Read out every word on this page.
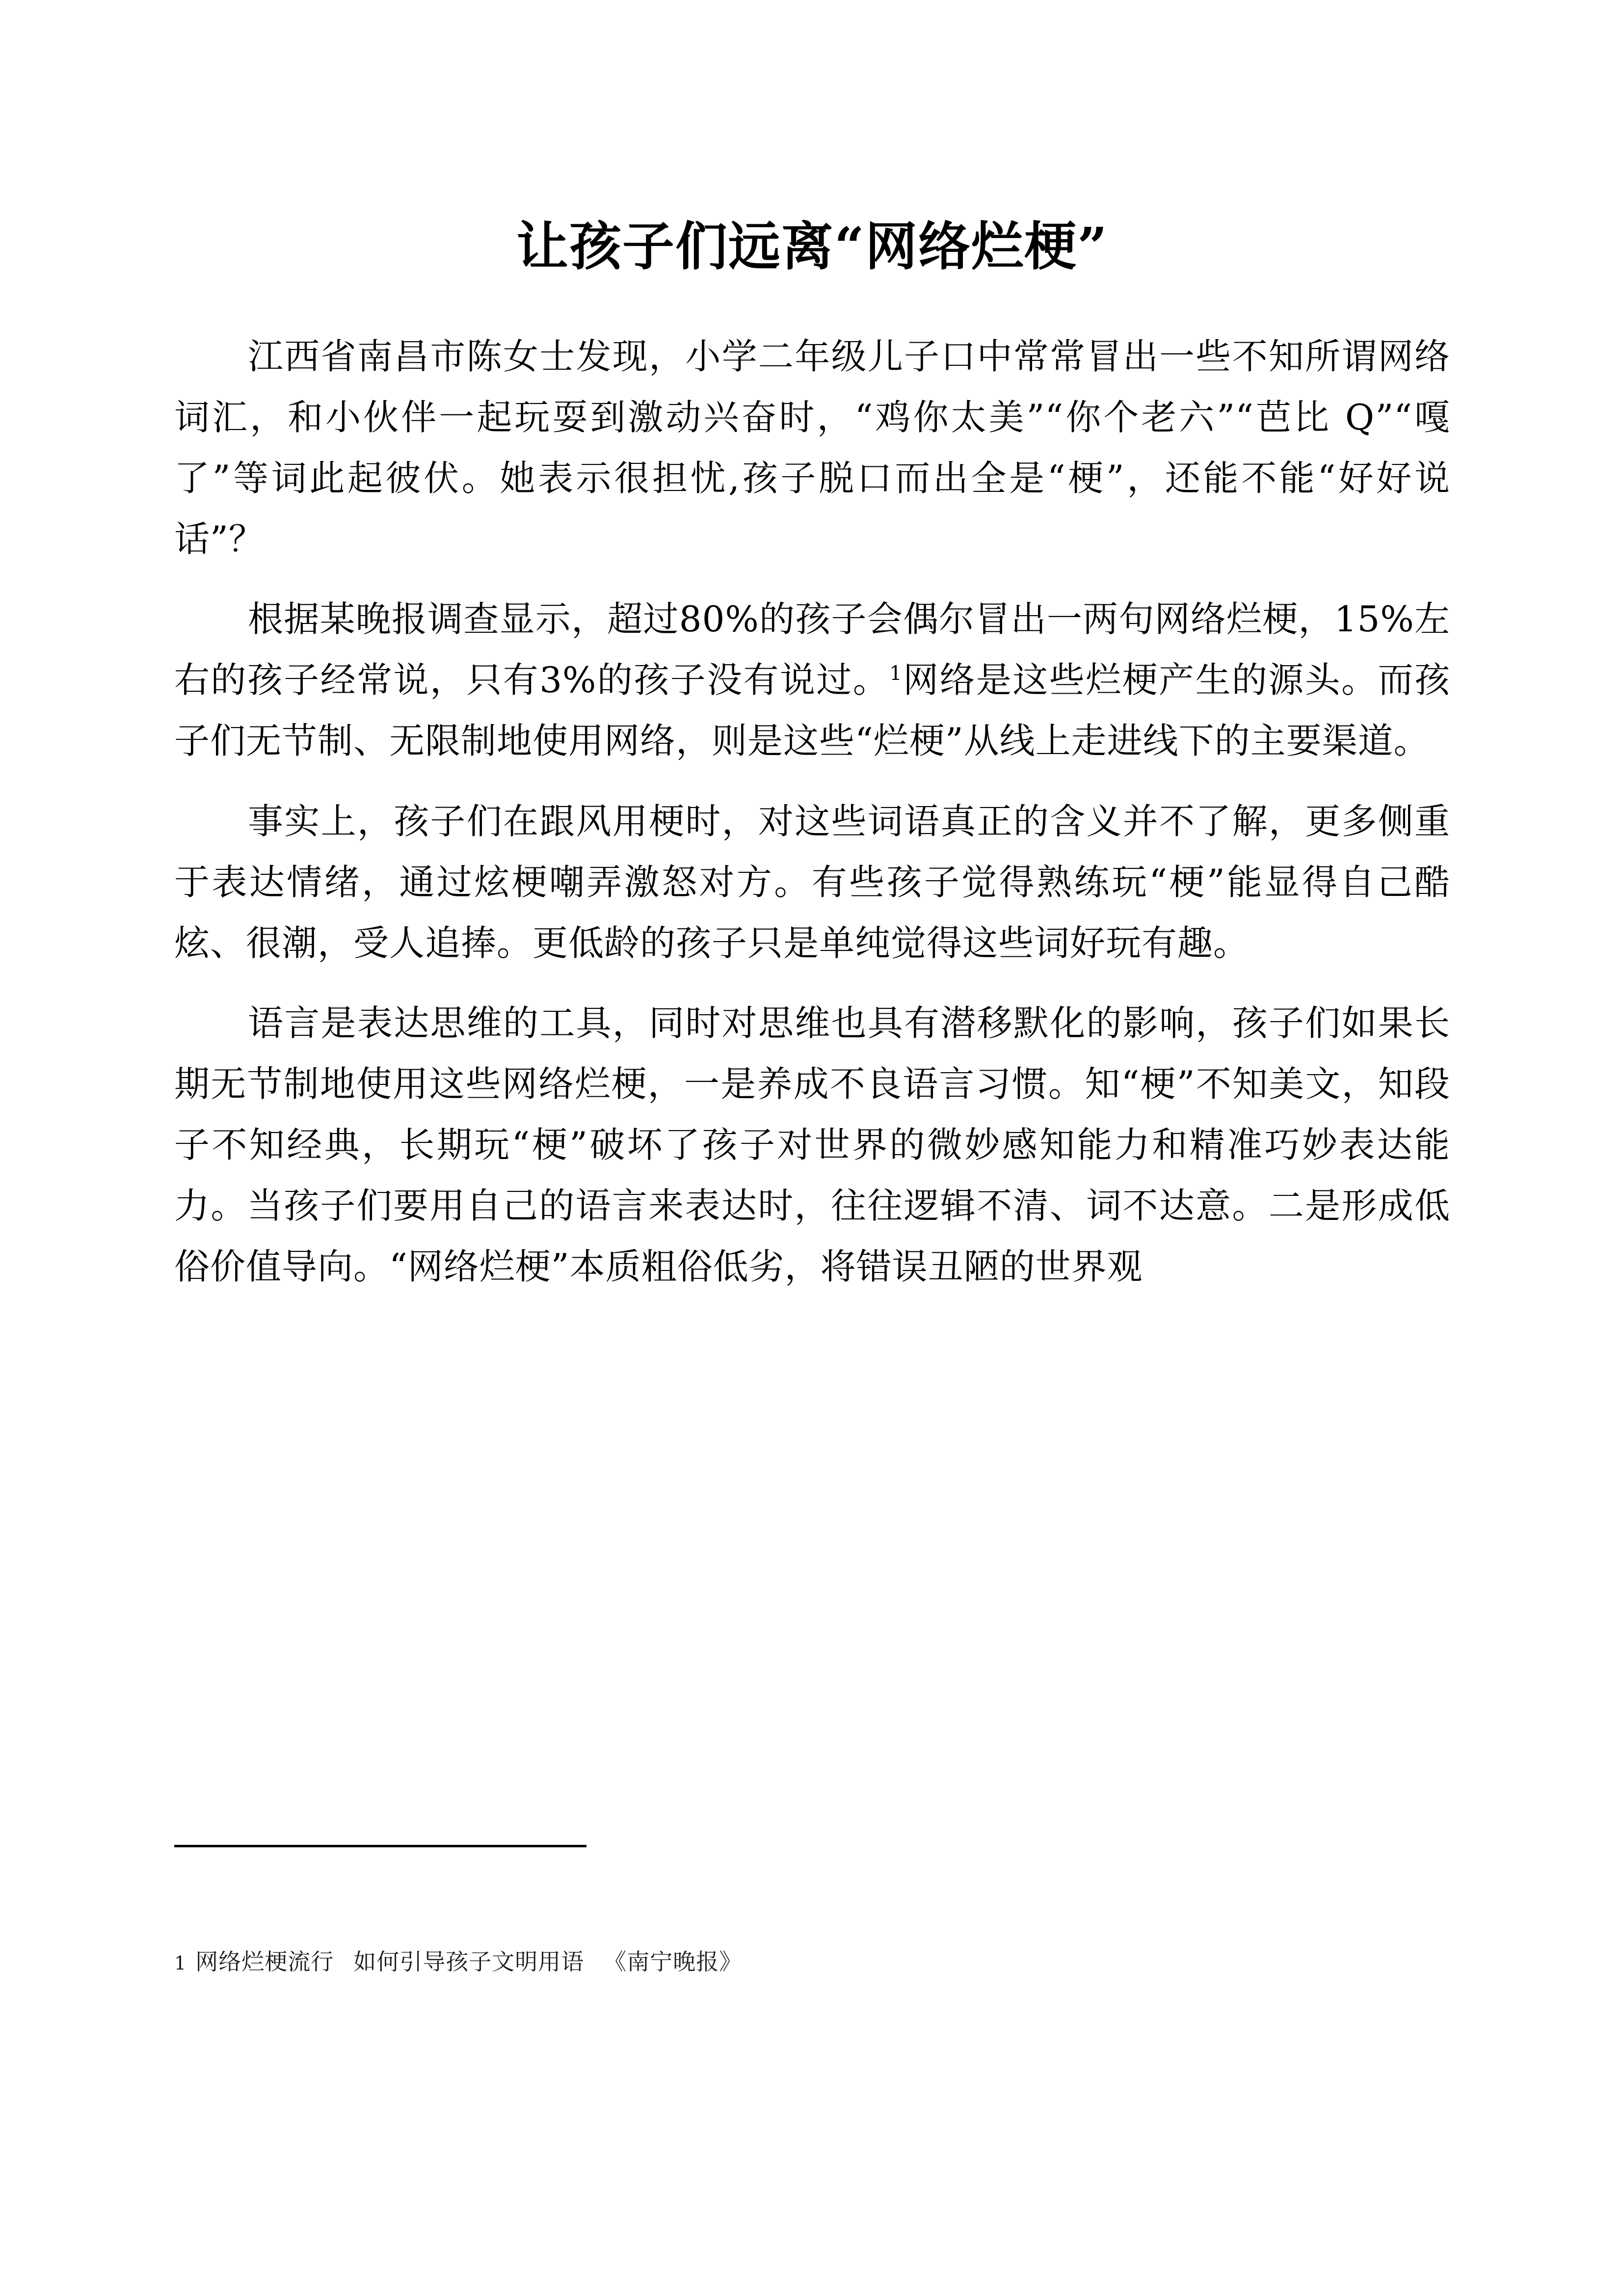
让孩子们远离“网络烂梗”

江西省南昌市陈女士发现，小学二年级儿子口中常常冒出一些不知所谓网络词汇，和小伙伴一起玩耍到激动兴奋时，“鸡你太美”“你个老六”“芭比 Q”“嘎了”等词此起彼伏。她表示很担忧,孩子脱口而出全是“梗”，还能不能“好好说话”？

根据某晚报调查显示，超过80%的孩子会偶尔冒出一两句网络烂梗，15%左右的孩子经常说，只有3%的孩子没有说过。$^1$网络是这些烂梗产生的源头。而孩子们无节制、无限制地使用网络，则是这些“烂梗”从线上走进线下的主要渠道。

事实上，孩子们在跟风用梗时，对这些词语真正的含义并不了解，更多侧重于表达情绪，通过炫梗嘲弄激怒对方。有些孩子觉得熟练玩“梗”能显得自己酷炫、很潮，受人追捧。更低龄的孩子只是单纯觉得这些词好玩有趣。

语言是表达思维的工具，同时对思维也具有潜移默化的影响，孩子们如果长期无节制地使用这些网络烂梗，一是养成不良语言习惯。知“梗”不知美文，知段子不知经典，长期玩“梗”破坏了孩子对世界的微妙感知能力和精准巧妙表达能力。当孩子们要用自己的语言来表达时，往往逻辑不清、词不达意。二是形成低俗价值导向。“网络烂梗”本质粗俗低劣，将错误丑陋的世界观

1 网络烂梗流行 如何引导孩子文明用语 《南宁晚报》
